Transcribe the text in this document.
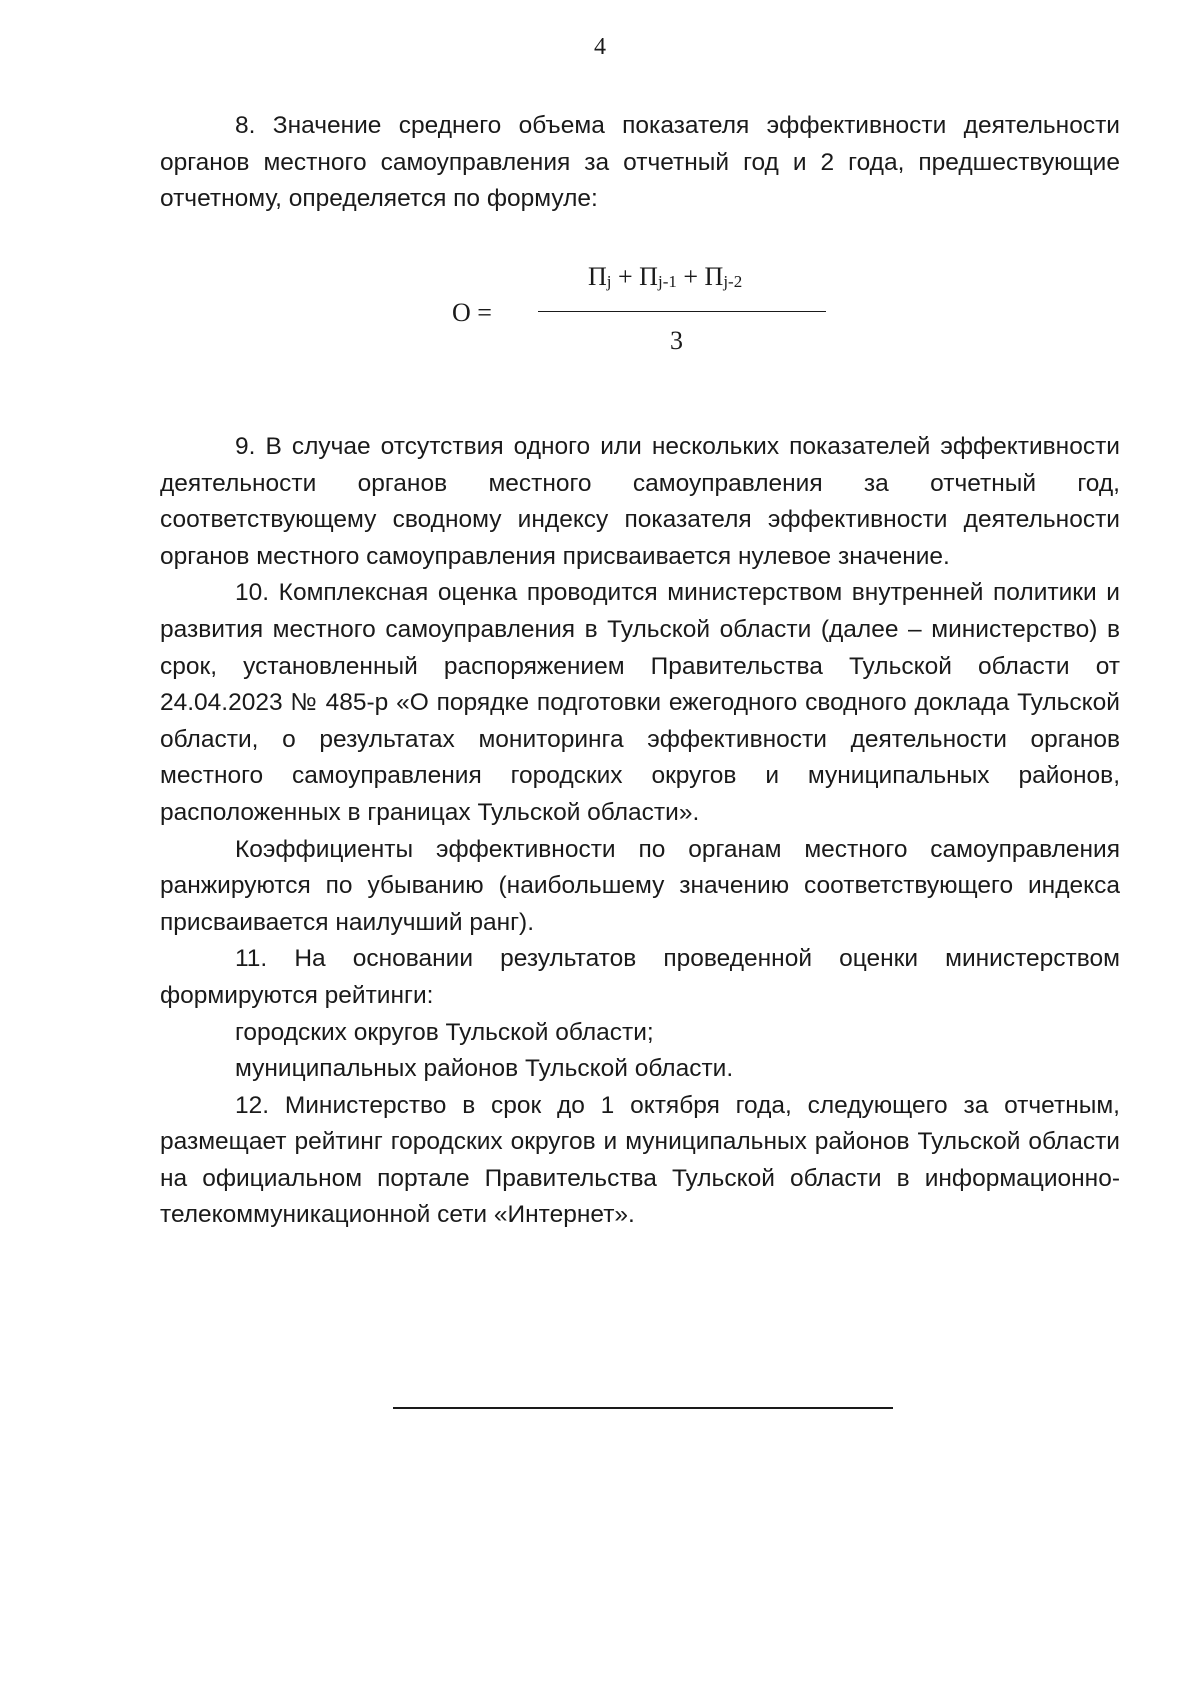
4

8. Значение среднего объема показателя эффективности деятельности органов местного самоуправления за отчетный год и 2 года, предшествующие отчетному, определяется по формуле:

О =
$П_j + П_{j-1} + П_{j-2}$
3

9. В случае отсутствия одного или нескольких показателей эффективности деятельности органов местного самоуправления за отчетный год, соответствующему сводному индексу показателя эффективности деятельности органов местного самоуправления присваивается нулевое значение.

10. Комплексная оценка проводится министерством внутренней политики и развития местного самоуправления в Тульской области (далее – министерство) в срок, установленный распоряжением Правительства Тульской области от 24.04.2023 № 485-р «О порядке подготовки ежегодного сводного доклада Тульской области, о результатах мониторинга эффективности деятельности органов местного самоуправления городских округов и муниципальных районов, расположенных в границах Тульской области».

Коэффициенты эффективности по органам местного самоуправления ранжируются по убыванию (наибольшему значению соответствующего индекса присваивается наилучший ранг).

11. На основании результатов проведенной оценки министерством формируются рейтинги:

городских округов Тульской области;

муниципальных районов Тульской области.

12. Министерство в срок до 1 октября года, следующего за отчетным, размещает рейтинг городских округов и муниципальных районов Тульской области на официальном портале Правительства Тульской области в информационно-телекоммуникационной сети «Интернет».
